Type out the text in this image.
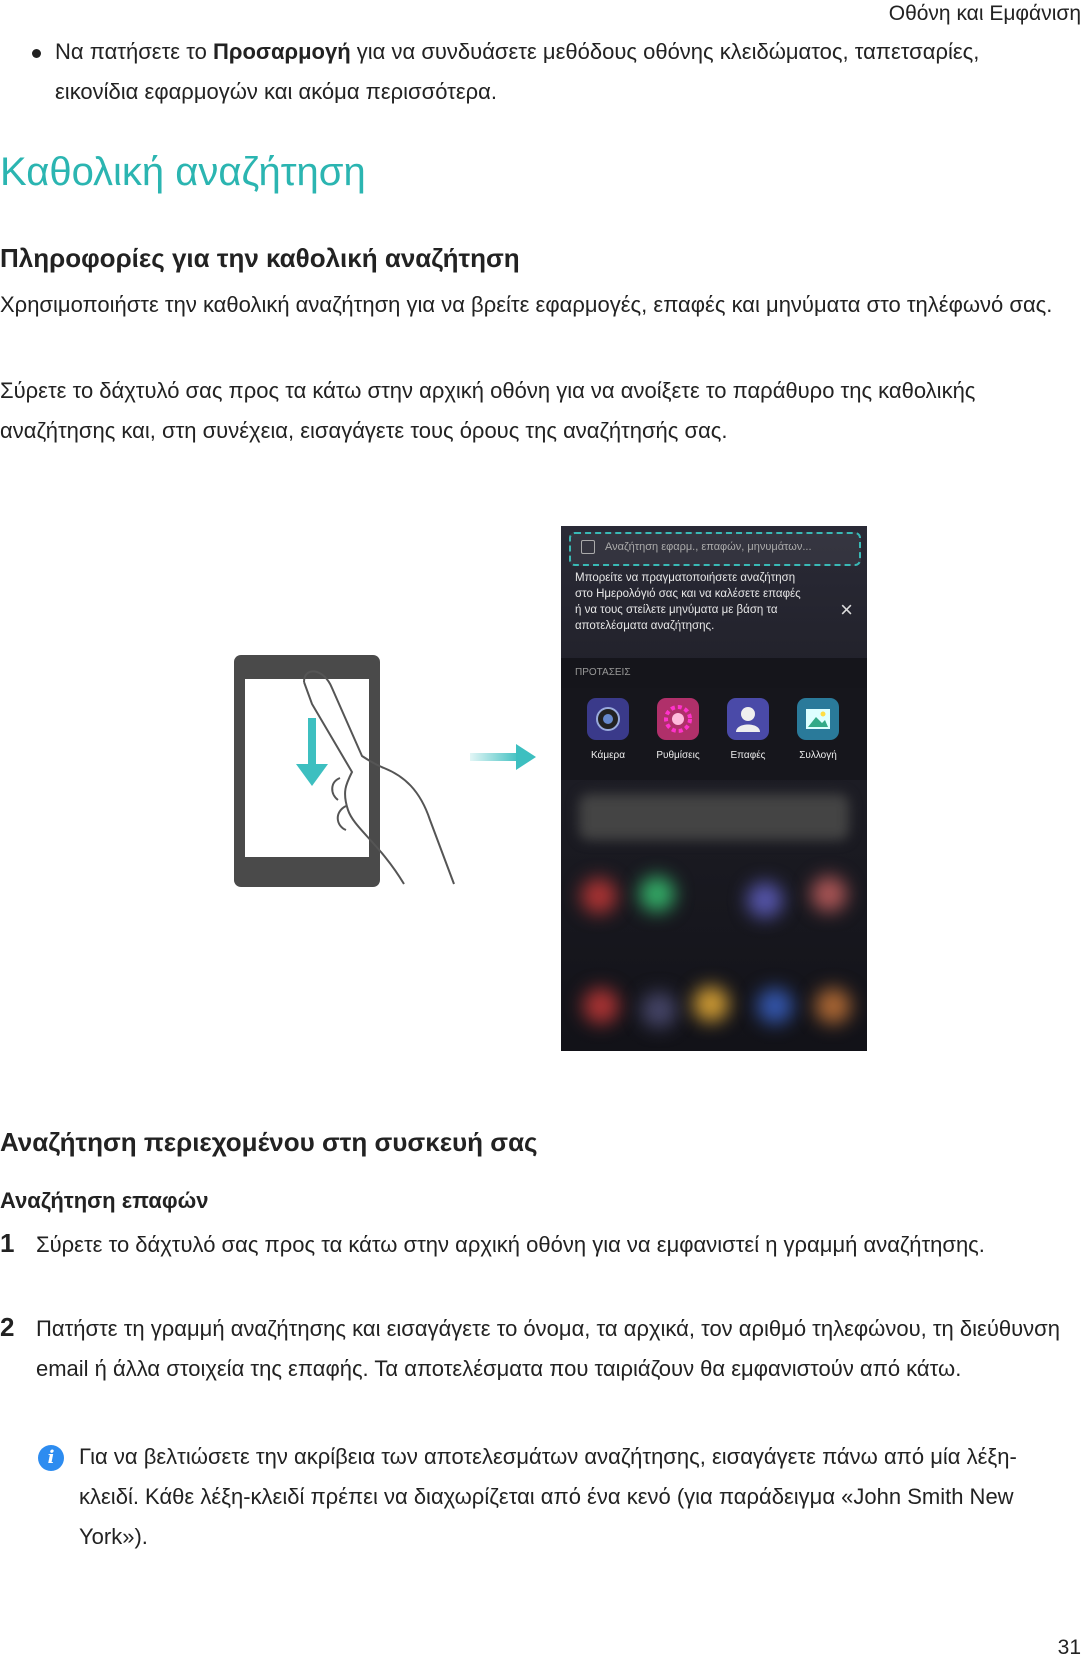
Οθόνη και Εμφάνιση
Να πατήσετε το Προσαρμογή για να συνδυάσετε μεθόδους οθόνης κλειδώματος, ταπετσαρίες, εικονίδια εφαρμογών και ακόμα περισσότερα.
Καθολική αναζήτηση
Πληροφορίες για την καθολική αναζήτηση
Χρησιμοποιήστε την καθολική αναζήτηση για να βρείτε εφαρμογές, επαφές και μηνύματα στο τηλέφωνό σας.
Σύρετε το δάχτυλό σας προς τα κάτω στην αρχική οθόνη για να ανοίξετε το παράθυρο της καθολικής αναζήτησης και, στη συνέχεια, εισαγάγετε τους όρους της αναζήτησής σας.
Αναζήτηση εφαρμ., επαφών, μηνυμάτων...
Μπορείτε να πραγματοποιήσετε αναζήτηση στο Ημερολόγιό σας και να καλέσετε επαφές ή να τους στείλετε μηνύματα με βάση τα αποτελέσματα αναζήτησης.
×
ΠΡΟΤΑΣΕΙΣ
Κάμερα	Ρυθμίσεις	Επαφές	Συλλογή
Αναζήτηση περιεχομένου στη συσκευή σας
Αναζήτηση επαφών
1 Σύρετε το δάχτυλό σας προς τα κάτω στην αρχική οθόνη για να εμφανιστεί η γραμμή αναζήτησης.
2 Πατήστε τη γραμμή αναζήτησης και εισαγάγετε το όνομα, τα αρχικά, τον αριθμό τηλεφώνου, τη διεύθυνση email ή άλλα στοιχεία της επαφής. Τα αποτελέσματα που ταιριάζουν θα εμφανιστούν από κάτω.
i	Για να βελτιώσετε την ακρίβεια των αποτελεσμάτων αναζήτησης, εισαγάγετε πάνω από μία λέξη-κλειδί. Κάθε λέξη-κλειδί πρέπει να διαχωρίζεται από ένα κενό (για παράδειγμα «John Smith New York»).
31
